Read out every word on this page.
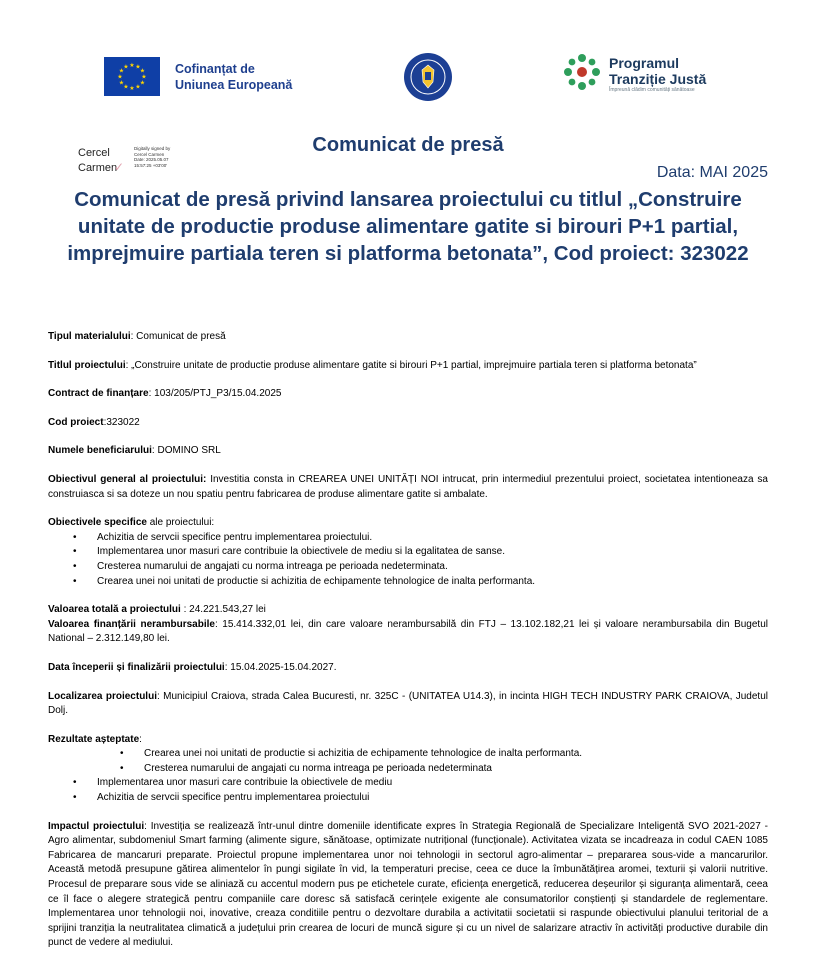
★ ★
★
★
★
★
★
★
★
★
★
★	Cofinanțat de
Uniunea Europeană
Programul
Tranziție Justă
Împreună clădim comunități sănătoase
Cercel
Carmen
✓
Digitally signed by
Cercel Carmen
Date: 2025.05.07
15:57:25 +03'00'
Comunicat de presă
Data: MAI 2025
Comunicat de presă privind lansarea proiectului cu titlul „Construire unitate de productie produse alimentare gatite si birouri P+1 partial, imprejmuire partiala teren si platforma betonata”, Cod proiect: 323022

Tipul materialului: Comunicat de presă

Titlul proiectului: „Construire unitate de productie produse alimentare gatite si birouri P+1 partial, imprejmuire partiala teren si platforma betonata”

Contract de finanțare: 103/205/PTJ_P3/15.04.2025

Cod proiect:323022

Numele beneficiarului: DOMINO SRL

Obiectivul general al proiectului: Investitia consta in CREAREA UNEI UNITĂȚI NOI intrucat, prin intermediul prezentului proiect, societatea intentioneaza sa construiasca si sa doteze un nou spatiu pentru fabricarea de produse alimentare gatite si ambalate.

Obiectivele specifice ale proiectului:

• Achizitia de servcii specifice pentru implementarea proiectului.
• Implementarea unor masuri care contribuie la obiectivele de mediu si la egalitatea de sanse.
• Cresterea numarului de angajati cu norma intreaga pe perioada nedeterminata.
• Crearea unei noi unitati de productie si achizitia de echipamente tehnologice de inalta performanta.

Valoarea totală a proiectului : 24.221.543,27 lei

Valoarea finanțării nerambursabile: 15.414.332,01 lei, din care valoare nerambursabilă din FTJ – 13.102.182,21 lei și valoare nerambursabila din Bugetul National – 2.312.149,80 lei.

Data începerii și finalizării proiectului: 15.04.2025-15.04.2027.

Localizarea proiectului: Municipiul Craiova, strada Calea Bucuresti, nr. 325C - (UNITATEA U14.3), in incinta HIGH TECH INDUSTRY PARK CRAIOVA, Judetul Dolj.

Rezultate așteptate:

• Crearea unei noi unitati de productie si achizitia de echipamente tehnologice de inalta performanta.
• Cresterea numarului de angajati cu norma intreaga pe perioada nedeterminata
• Implementarea unor masuri care contribuie la obiectivele de mediu
• Achizitia de servcii specifice pentru implementarea proiectului

Impactul proiectului: Investiția se realizează într-unul dintre domeniile identificate expres în Strategia Regională de Specializare Inteligentă SVO 2021-2027 - Agro alimentar, subdomeniul Smart farming (alimente sigure, sănătoase, optimizate nutrițional (funcționale). Activitatea vizata se incadreaza in codul CAEN 1085 Fabricarea de mancaruri preparate. Proiectul propune implementarea unor noi tehnologii in sectorul agro-alimentar – prepararea sous-vide a mancarurilor. Această metodă presupune gătirea alimentelor în pungi sigilate în vid, la temperaturi precise, ceea ce duce la îmbunătățirea aromei, texturii și valorii nutritive. Procesul de preparare sous vide se aliniază cu accentul modern pus pe etichetele curate, eficiența energetică, reducerea deșeurilor și siguranța alimentară, ceea ce îl face o alegere strategică pentru companiile care doresc să satisfacă cerințele exigente ale consumatorilor conștienți și standardele de reglementare. Implementarea unor tehnologii noi, inovative, creaza conditiile pentru o dezvoltare durabila a activitatii societatii si raspunde obiectivului planului teritorial de a sprijini tranziția la neutralitatea climatică a județului prin crearea de locuri de muncă sigure și cu un nivel de salarizare atractiv în activități productive durabile din punct de vedere al mediului.
